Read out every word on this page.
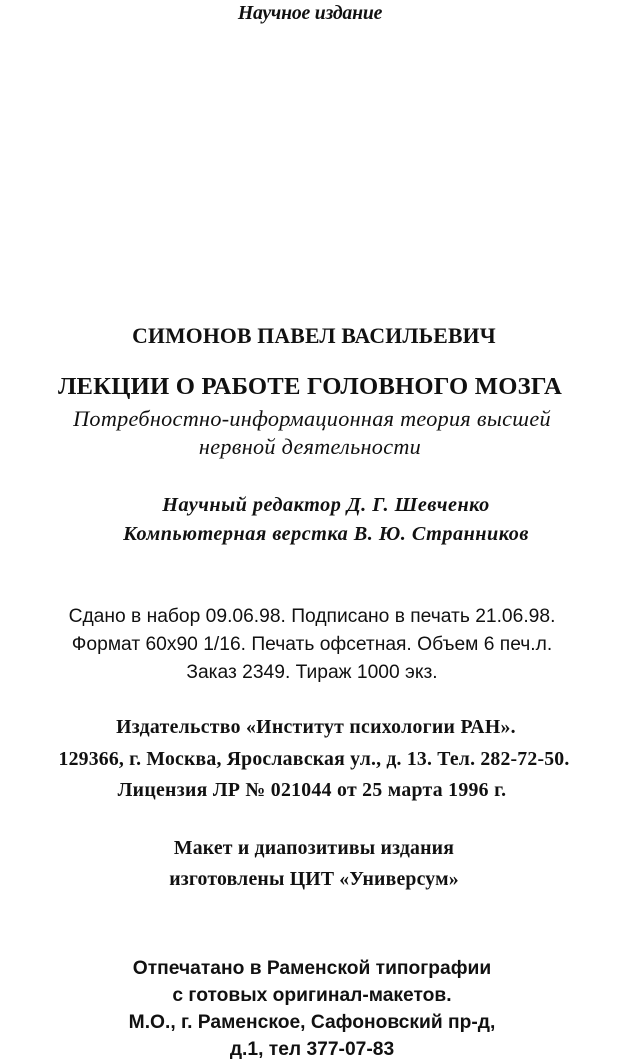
Научное издание
СИМОНОВ ПАВЕЛ ВАСИЛЬЕВИЧ
ЛЕКЦИИ О РАБОТЕ ГОЛОВНОГО МОЗГА
Потребностно-информационная теория высшей
нервной деятельности
Научный редактор Д. Г. Шевченко
Компьютерная верстка В. Ю. Странников
Сдано в набор 09.06.98. Подписано в печать 21.06.98.
Формат 60x90 1/16. Печать офсетная. Объем 6 печ.л.
Заказ 2349. Тираж 1000 экз.
Издательство «Институт психологии РАН».
129366, г. Москва, Ярославская ул., д. 13. Тел. 282-72-50.
Лицензия ЛР № 021044 от 25 марта 1996 г.
Макет и диапозитивы издания
изготовлены ЦИТ «Универсум»
Отпечатано в Раменской типографии
с готовых оригинал-макетов.
М.О., г. Раменское, Сафоновский пр-д,
д.1, тел 377-07-83
